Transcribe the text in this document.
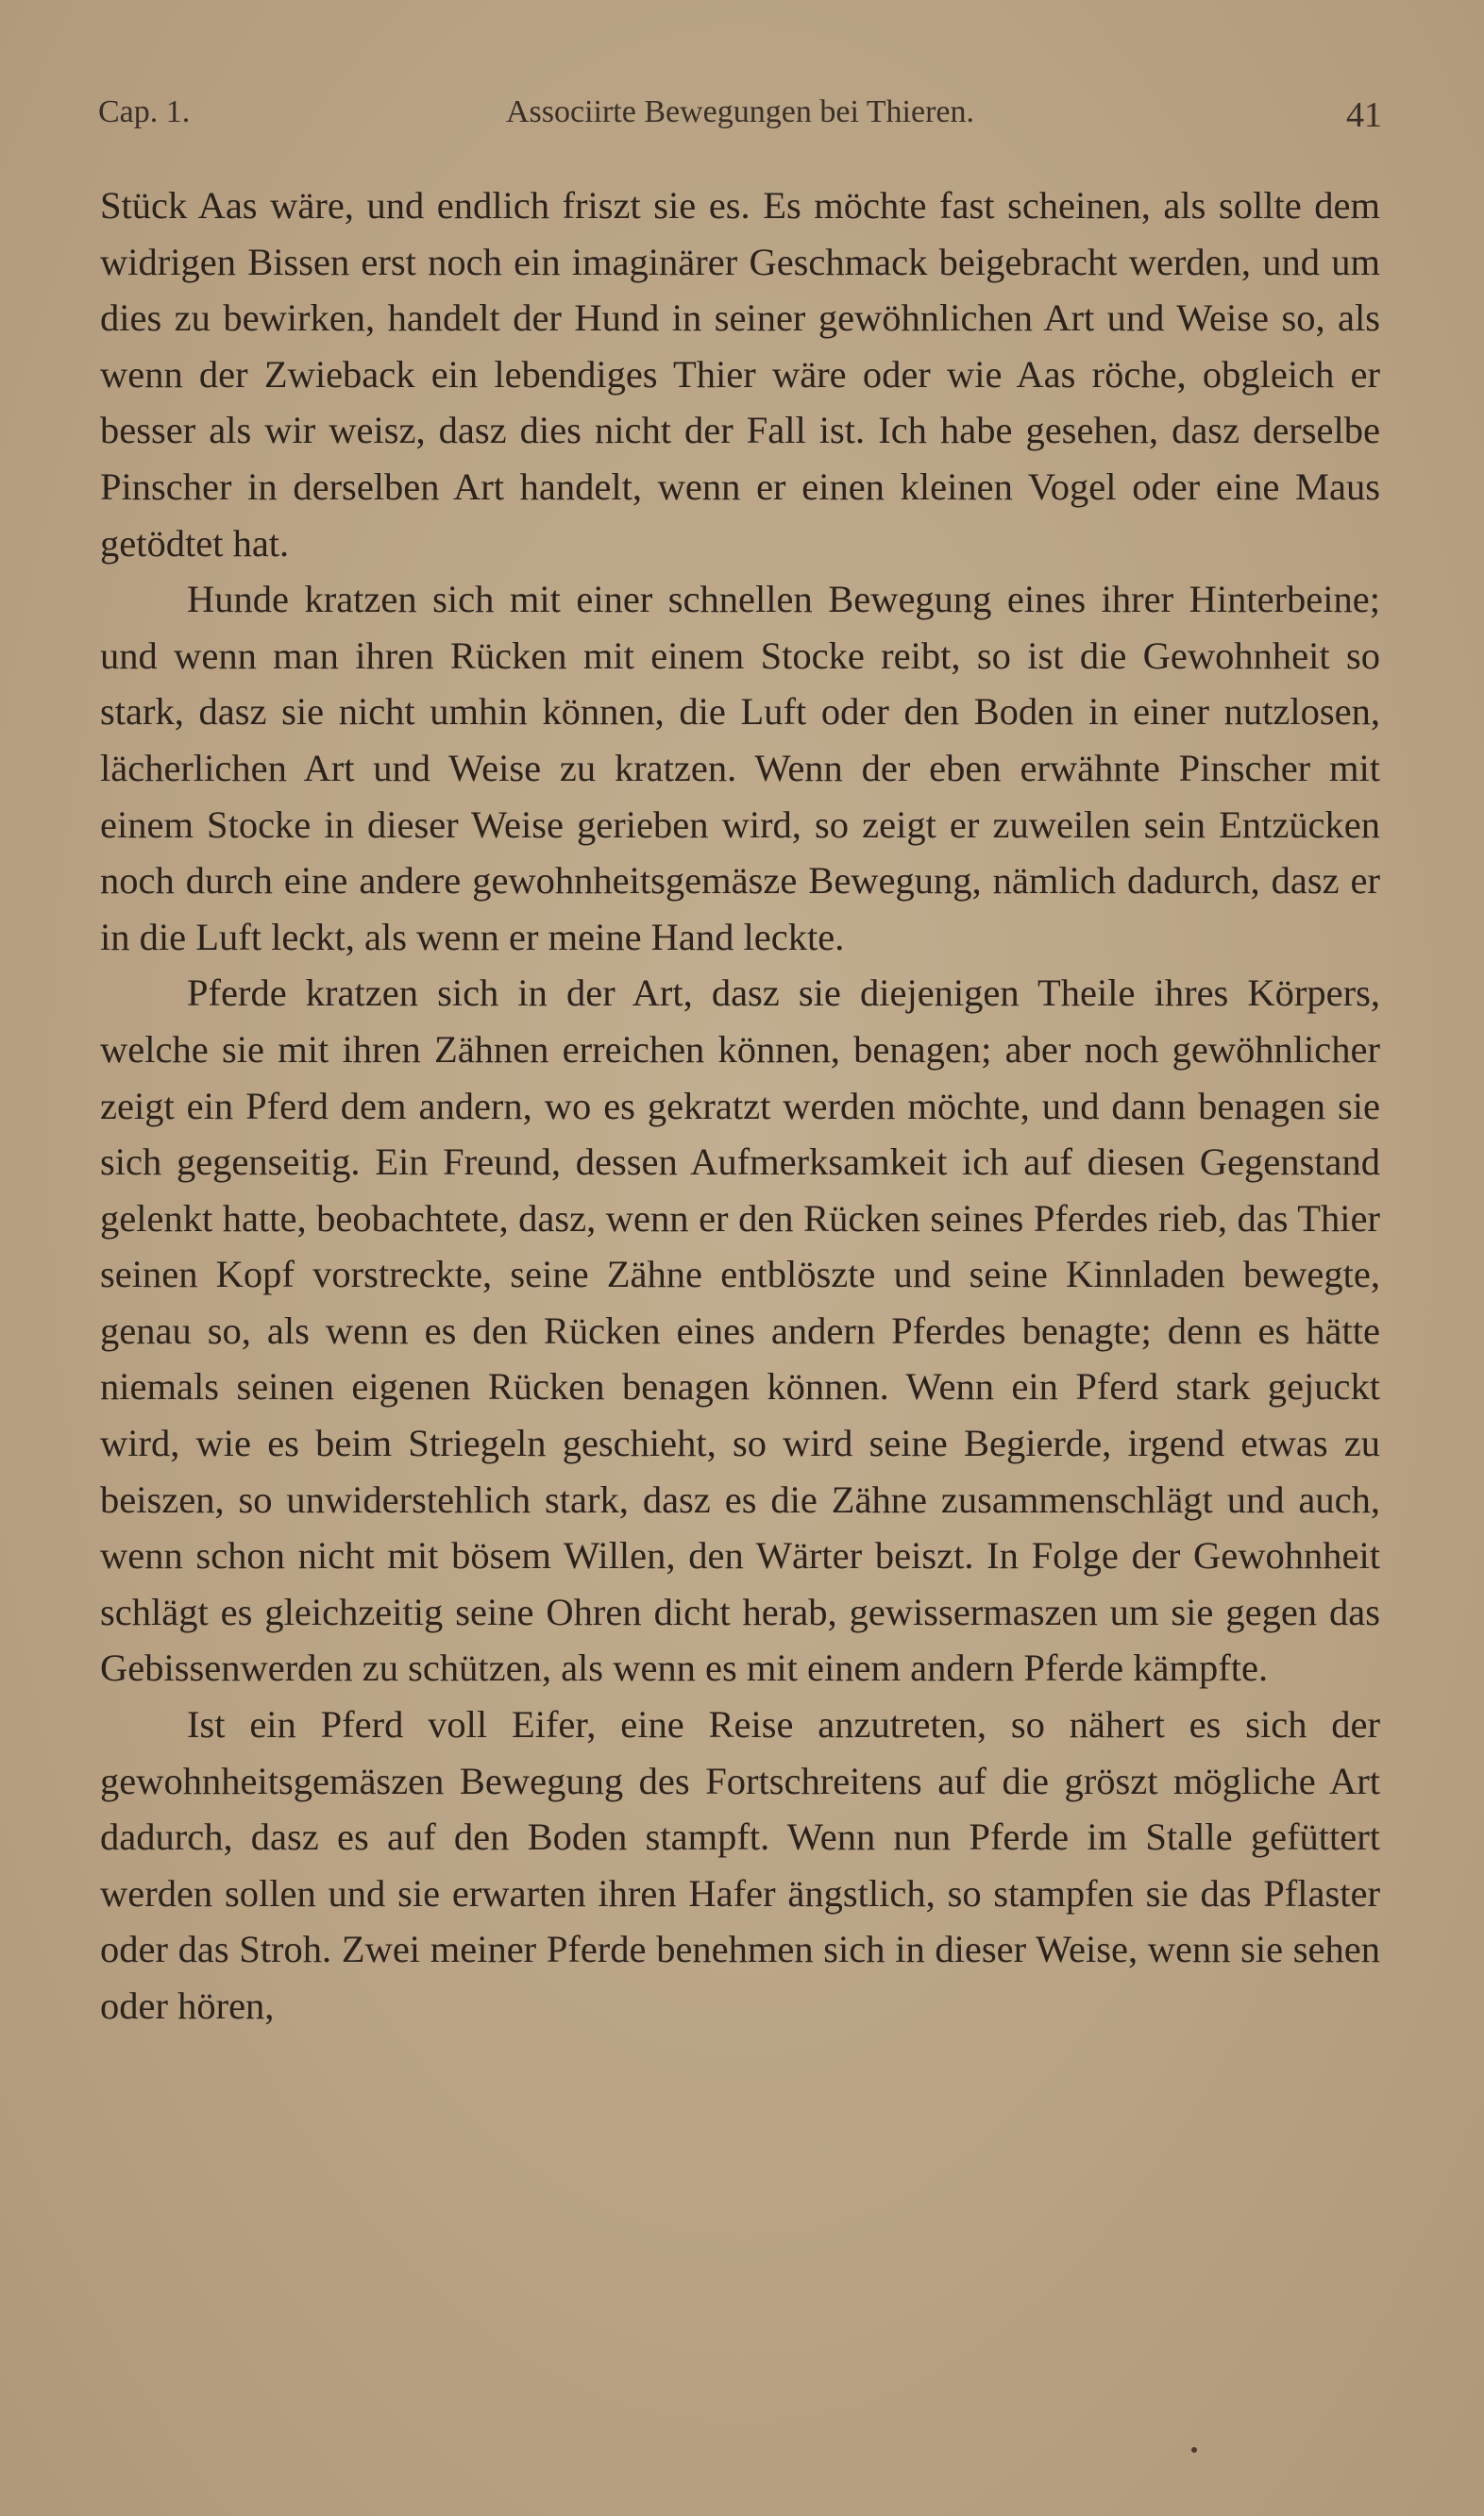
Cap. 1.	Associirte Bewegungen bei Thieren.	41

Stück Aas wäre, und endlich friszt sie es. Es möchte fast scheinen, als sollte dem widrigen Bissen erst noch ein imaginärer Geschmack beigebracht werden, und um dies zu bewirken, handelt der Hund in seiner gewöhnlichen Art und Weise so, als wenn der Zwieback ein lebendiges Thier wäre oder wie Aas röche, obgleich er besser als wir weisz, dasz dies nicht der Fall ist. Ich habe gesehen, dasz derselbe Pinscher in derselben Art handelt, wenn er einen kleinen Vogel oder eine Maus getödtet hat.

Hunde kratzen sich mit einer schnellen Bewegung eines ihrer Hinterbeine; und wenn man ihren Rücken mit einem Stocke reibt, so ist die Gewohnheit so stark, dasz sie nicht umhin können, die Luft oder den Boden in einer nutzlosen, lächerlichen Art und Weise zu kratzen. Wenn der eben erwähnte Pinscher mit einem Stocke in dieser Weise gerieben wird, so zeigt er zuweilen sein Entzücken noch durch eine andere gewohnheitsgemäsze Bewegung, nämlich dadurch, dasz er in die Luft leckt, als wenn er meine Hand leckte.

Pferde kratzen sich in der Art, dasz sie diejenigen Theile ihres Körpers, welche sie mit ihren Zähnen erreichen können, benagen; aber noch gewöhnlicher zeigt ein Pferd dem andern, wo es gekratzt werden möchte, und dann benagen sie sich gegenseitig. Ein Freund, dessen Aufmerksamkeit ich auf diesen Gegenstand gelenkt hatte, beobachtete, dasz, wenn er den Rücken seines Pferdes rieb, das Thier seinen Kopf vorstreckte, seine Zähne entblöszte und seine Kinnladen bewegte, genau so, als wenn es den Rücken eines andern Pferdes benagte; denn es hätte niemals seinen eigenen Rücken benagen können. Wenn ein Pferd stark gejuckt wird, wie es beim Striegeln geschieht, so wird seine Begierde, irgend etwas zu beiszen, so unwiderstehlich stark, dasz es die Zähne zusammenschlägt und auch, wenn schon nicht mit bösem Willen, den Wärter beiszt. In Folge der Gewohnheit schlägt es gleichzeitig seine Ohren dicht herab, gewissermaszen um sie gegen das Gebissenwerden zu schützen, als wenn es mit einem andern Pferde kämpfte.

Ist ein Pferd voll Eifer, eine Reise anzutreten, so nähert es sich der gewohnheitsgemäszen Bewegung des Fortschreitens auf die gröszt mögliche Art dadurch, dasz es auf den Boden stampft. Wenn nun Pferde im Stalle gefüttert werden sollen und sie erwarten ihren Hafer ängstlich, so stampfen sie das Pflaster oder das Stroh. Zwei meiner Pferde benehmen sich in dieser Weise, wenn sie sehen oder hören,
